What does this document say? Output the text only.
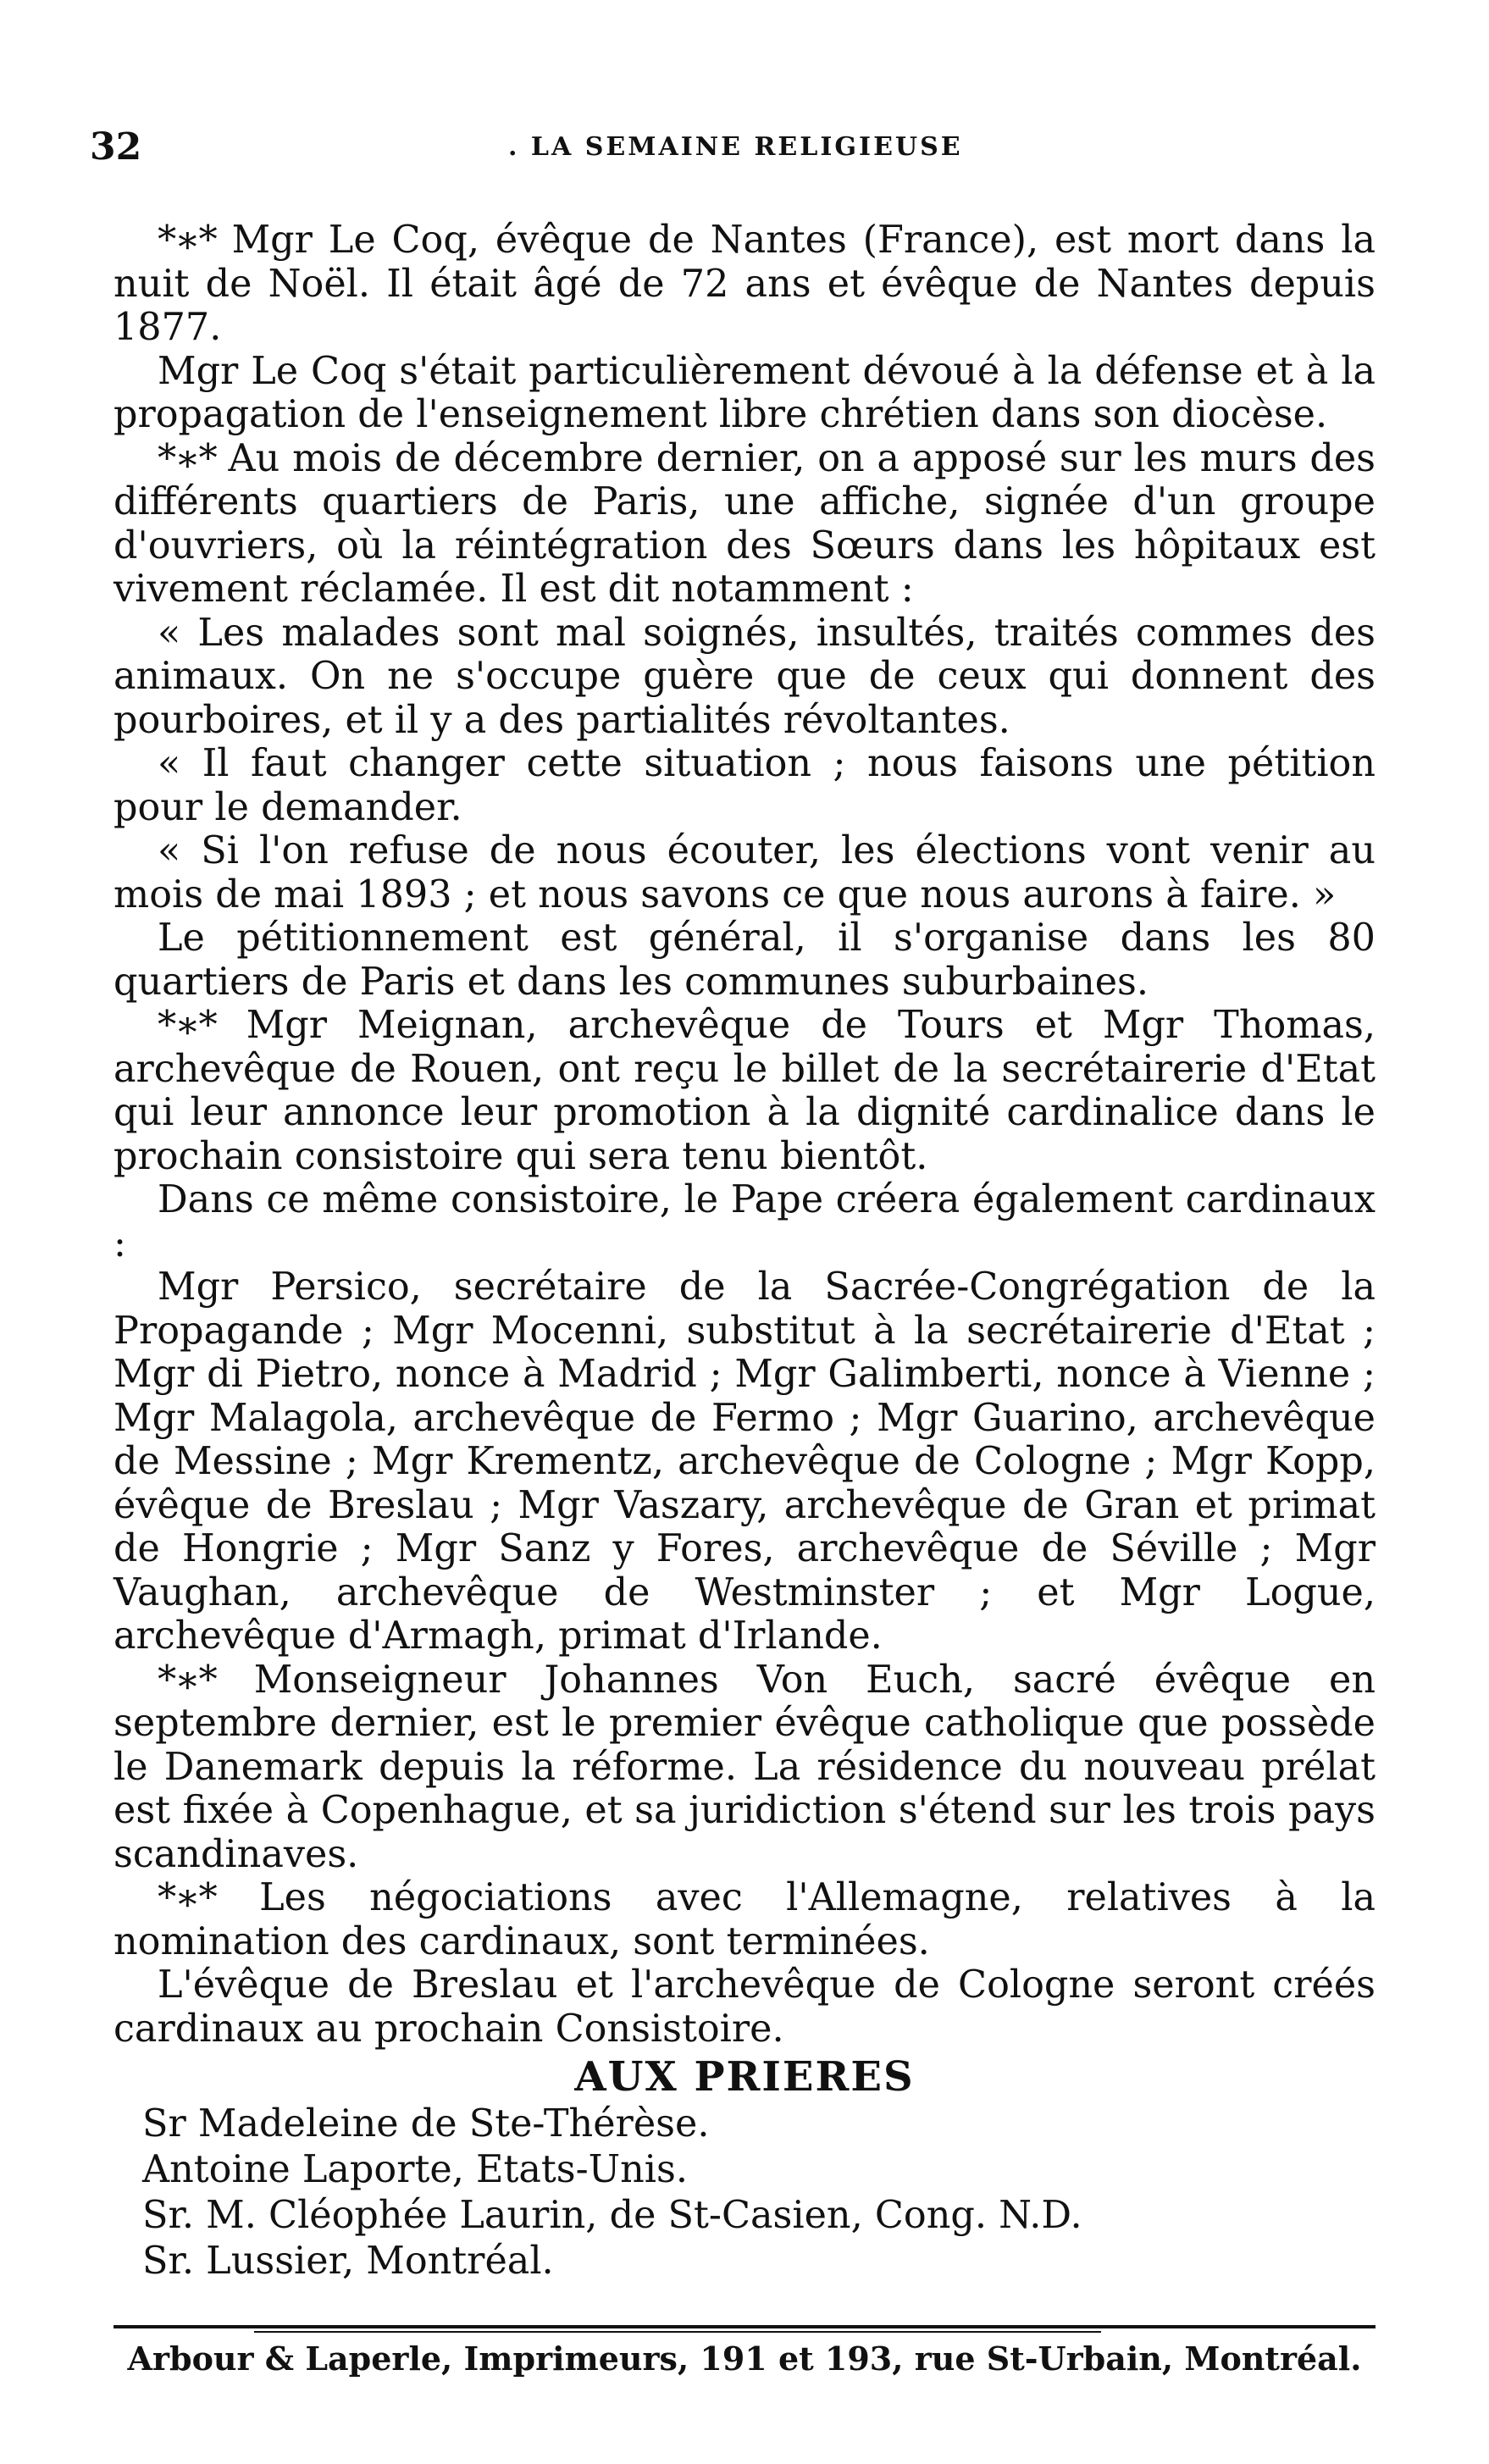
32	. LA SEMAINE RELIGIEUSE

*∗* Mgr Le Coq, évêque de Nantes (France), est mort dans la nuit de Noël. Il était âgé de 72 ans et évêque de Nantes depuis 1877.

Mgr Le Coq s'était particulièrement dévoué à la défense et à la propagation de l'enseignement libre chrétien dans son diocèse.

*∗* Au mois de décembre dernier, on a apposé sur les murs des différents quartiers de Paris, une affiche, signée d'un groupe d'ouvriers, où la réintégration des Sœurs dans les hôpitaux est vivement réclamée. Il est dit notamment :

« Les malades sont mal soignés, insultés, traités commes des animaux. On ne s'occupe guère que de ceux qui donnent des pourboires, et il y a des partialités révoltantes.

« Il faut changer cette situation ; nous faisons une pétition pour le demander.

« Si l'on refuse de nous écouter, les élections vont venir au mois de mai 1893 ; et nous savons ce que nous aurons à faire. »

Le pétitionnement est général, il s'organise dans les 80 quartiers de Paris et dans les communes suburbaines.

*∗* Mgr Meignan, archevêque de Tours et Mgr Thomas, archevêque de Rouen, ont reçu le billet de la secrétairerie d'Etat qui leur annonce leur promotion à la dignité cardinalice dans le prochain consistoire qui sera tenu bientôt.

Dans ce même consistoire, le Pape créera également cardinaux :

Mgr Persico, secrétaire de la Sacrée-Congrégation de la Propagande ; Mgr Mocenni, substitut à la secrétairerie d'Etat ; Mgr di Pietro, nonce à Madrid ; Mgr Galimberti, nonce à Vienne ; Mgr Malagola, archevêque de Fermo ; Mgr Guarino, archevêque de Messine ; Mgr Krementz, archevêque de Cologne ; Mgr Kopp, évêque de Breslau ; Mgr Vaszary, archevêque de Gran et primat de Hongrie ; Mgr Sanz y Fores, archevêque de Séville ; Mgr Vaughan, archevêque de Westminster ; et Mgr Logue, archevêque d'Armagh, primat d'Irlande.

*∗* Monseigneur Johannes Von Euch, sacré évêque en septembre dernier, est le premier évêque catholique que possède le Danemark depuis la réforme. La résidence du nouveau prélat est fixée à Copenhague, et sa juridiction s'étend sur les trois pays scandinaves.

*∗* Les négociations avec l'Allemagne, relatives à la nomination des cardinaux, sont terminées.

L'évêque de Breslau et l'archevêque de Cologne seront créés cardinaux au prochain Consistoire.

AUX PRIERES
Sr Madeleine de Ste-Thérèse.
Antoine Laporte, Etats-Unis.
Sr. M. Cléophée Laurin, de St-Casien, Cong. N.D.
Sr. Lussier, Montréal.
Arbour & Laperle, Imprimeurs, 191 et 193, rue St-Urbain, Montréal.
